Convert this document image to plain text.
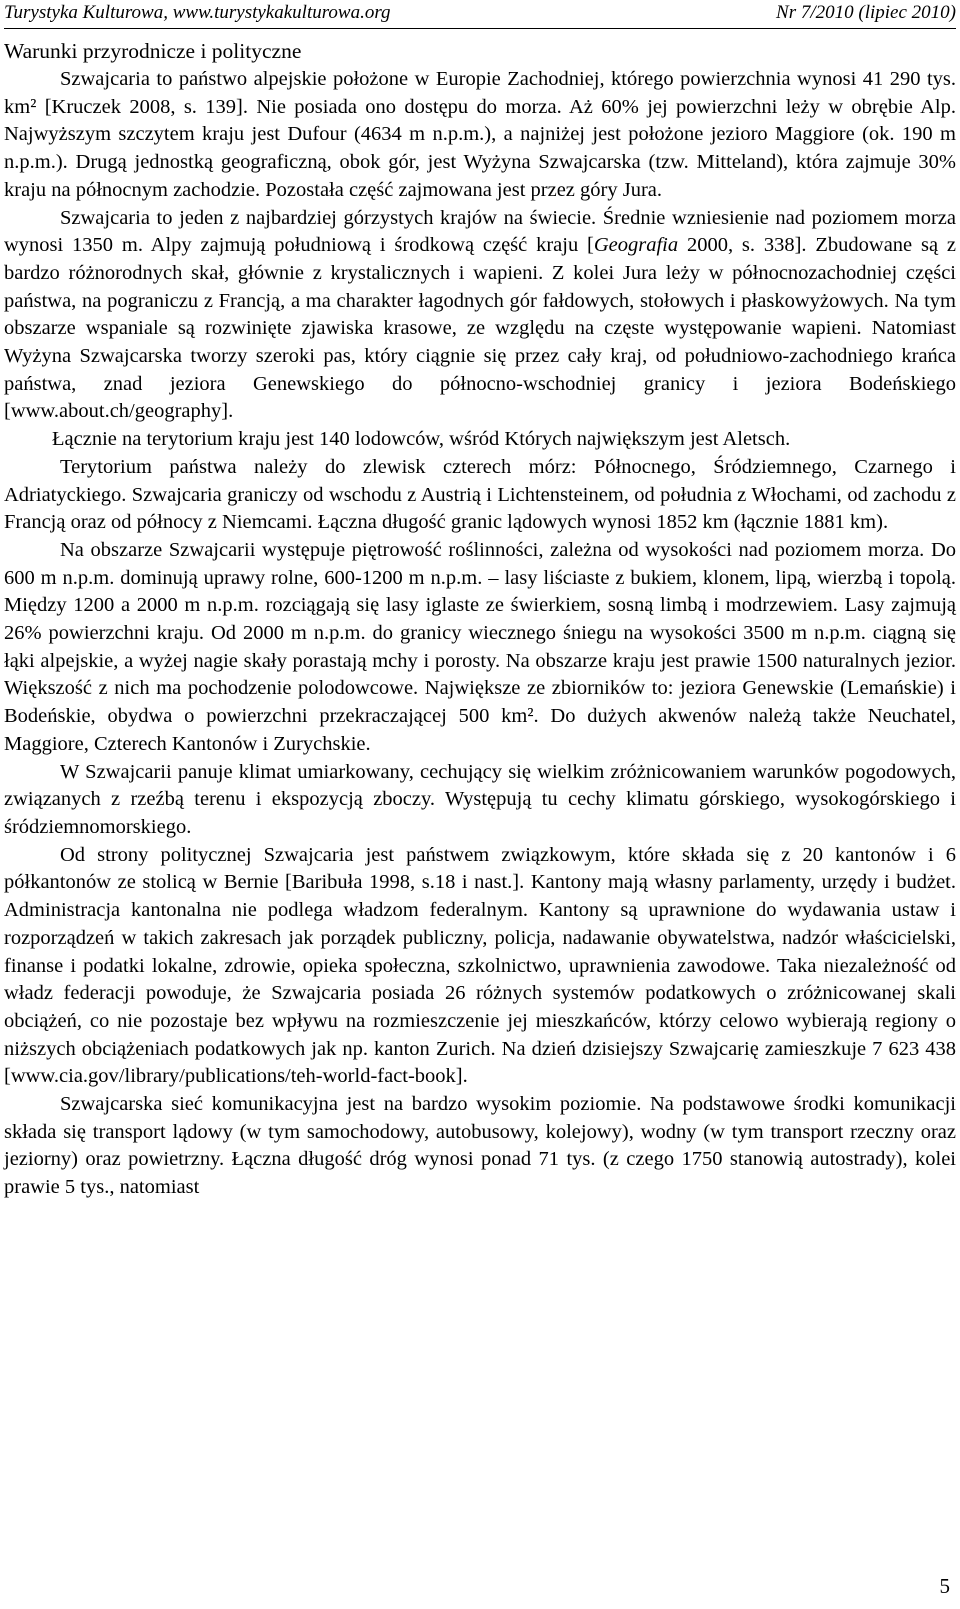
Turystyka Kulturowa, www.turystykakulturowa.org	Nr 7/2010 (lipiec 2010)
Warunki przyrodnicze i polityczne

Szwajcaria to państwo alpejskie położone w Europie Zachodniej, którego powierzchnia wynosi 41 290 tys. km² [Kruczek 2008, s. 139]. Nie posiada ono dostępu do morza. Aż 60% jej powierzchni leży w obrębie Alp. Najwyższym szczytem kraju jest Dufour (4634 m n.p.m.), a najniżej jest położone jezioro Maggiore (ok. 190 m n.p.m.). Drugą jednostką geograficzną, obok gór, jest Wyżyna Szwajcarska (tzw. Mitteland), która zajmuje 30% kraju na północnym zachodzie. Pozostała część zajmowana jest przez góry Jura.

Szwajcaria to jeden z najbardziej górzystych krajów na świecie. Średnie wzniesienie nad poziomem morza wynosi 1350 m. Alpy zajmują południową i środkową część kraju [Geografia 2000, s. 338]. Zbudowane są z bardzo różnorodnych skał, głównie z krystalicznych i wapieni. Z kolei Jura leży w północnozachodniej części państwa, na pograniczu z Francją, a ma charakter łagodnych gór fałdowych, stołowych i płaskowyżowych. Na tym obszarze wspaniale są rozwinięte zjawiska krasowe, ze względu na częste występowanie wapieni. Natomiast Wyżyna Szwajcarska tworzy szeroki pas, który ciągnie się przez cały kraj, od południowo-zachodniego krańca państwa, znad jeziora Genewskiego do północno-wschodniej granicy i jeziora Bodeńskiego [www.about.ch/geography].

Łącznie na terytorium kraju jest 140 lodowców, wśród Których największym jest Aletsch.

Terytorium państwa należy do zlewisk czterech mórz: Północnego, Śródziemnego, Czarnego i Adriatyckiego. Szwajcaria graniczy od wschodu z Austrią i Lichtensteinem, od południa z Włochami, od zachodu z Francją oraz od północy z Niemcami. Łączna długość granic lądowych wynosi 1852 km (łącznie 1881 km).

Na obszarze Szwajcarii występuje piętrowość roślinności, zależna od wysokości nad poziomem morza. Do 600 m n.p.m. dominują uprawy rolne, 600-1200 m n.p.m. – lasy liściaste z bukiem, klonem, lipą, wierzbą i topolą. Między 1200 a 2000 m n.p.m. rozciągają się lasy iglaste ze świerkiem, sosną limbą i modrzewiem. Lasy zajmują 26% powierzchni kraju. Od 2000 m n.p.m. do granicy wiecznego śniegu na wysokości 3500 m n.p.m. ciągną się łąki alpejskie, a wyżej nagie skały porastają mchy i porosty. Na obszarze kraju jest prawie 1500 naturalnych jezior. Większość z nich ma pochodzenie polodowcowe. Największe ze zbiorników to: jeziora Genewskie (Lemańskie) i Bodeńskie, obydwa o powierzchni przekraczającej 500 km². Do dużych akwenów należą także Neuchatel, Maggiore, Czterech Kantonów i Zurychskie.

W Szwajcarii panuje klimat umiarkowany, cechujący się wielkim zróżnicowaniem warunków pogodowych, związanych z rzeźbą terenu i ekspozycją zboczy. Występują tu cechy klimatu górskiego, wysokogórskiego i śródziemnomorskiego.

Od strony politycznej Szwajcaria jest państwem związkowym, które składa się z 20 kantonów i 6 półkantonów ze stolicą w Bernie [Baribuła 1998, s.18 i nast.]. Kantony mają własny parlamenty, urzędy i budżet. Administracja kantonalna nie podlega władzom federalnym. Kantony są uprawnione do wydawania ustaw i rozporządzeń w takich zakresach jak porządek publiczny, policja, nadawanie obywatelstwa, nadzór właścicielski, finanse i podatki lokalne, zdrowie, opieka społeczna, szkolnictwo, uprawnienia zawodowe. Taka niezależność od władz federacji powoduje, że Szwajcaria posiada 26 różnych systemów podatkowych o zróżnicowanej skali obciążeń, co nie pozostaje bez wpływu na rozmieszczenie jej mieszkańców, którzy celowo wybierają regiony o niższych obciążeniach podatkowych jak np. kanton Zurich. Na dzień dzisiejszy Szwajcarię zamieszkuje 7 623 438 [www.cia.gov/library/publications/teh-world-fact-book].

Szwajcarska sieć komunikacyjna jest na bardzo wysokim poziomie. Na podstawowe środki komunikacji składa się transport lądowy (w tym samochodowy, autobusowy, kolejowy), wodny (w tym transport rzeczny oraz jeziorny) oraz powietrzny. Łączna długość dróg wynosi ponad 71 tys. (z czego 1750 stanowią autostrady), kolei prawie 5 tys., natomiast

5
